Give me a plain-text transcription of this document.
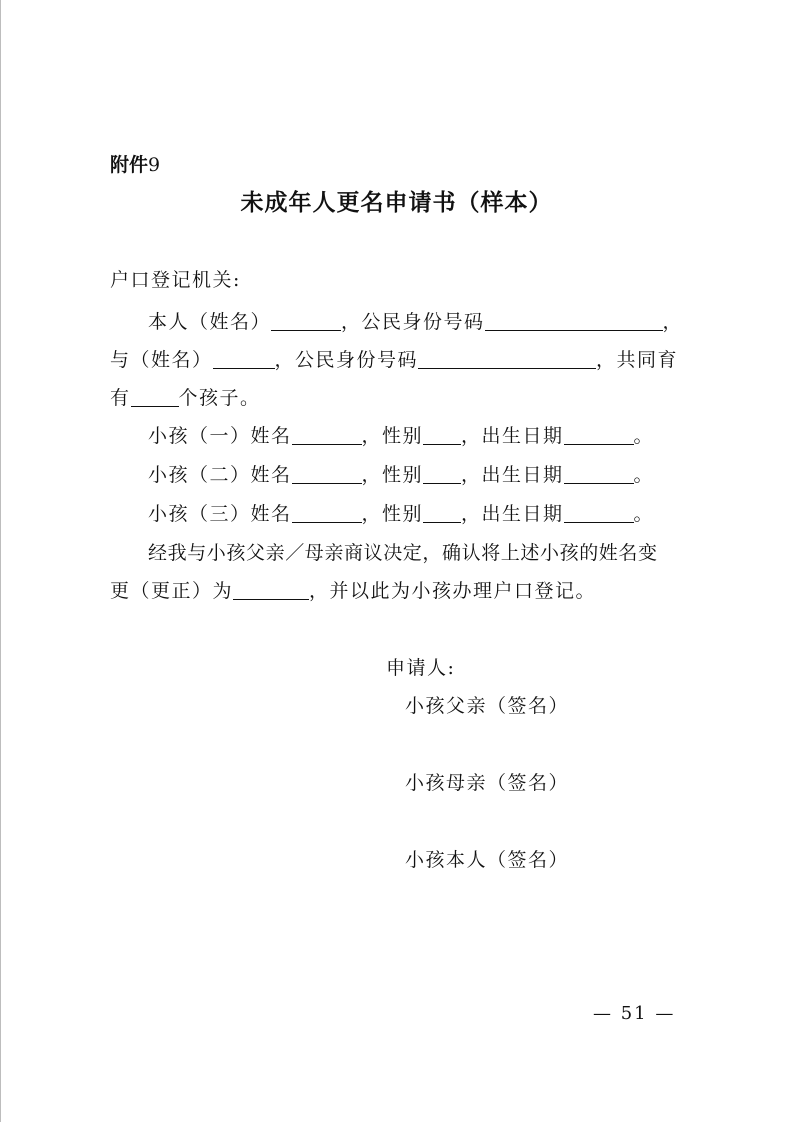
附件9
未成年人更名申请书（样本）
户口登记机关:
本人（姓名）	，公民身份号码	，
与（姓名）	，公民身份号码	，共同育
有	个孩子。
小孩（一）姓名	，性别 ，出生日期	。
小孩（二）姓名	，性别 ，出生日期	。
小孩（三）姓名	，性别 ，出生日期	。
经我与小孩父亲／母亲商议决定，确认将上述小孩的姓名变
更（更正）为	，并以此为小孩办理户口登记。
申请人:
小孩父亲（签名）
小孩母亲（签名）
小孩本人（签名）
— 51 —
